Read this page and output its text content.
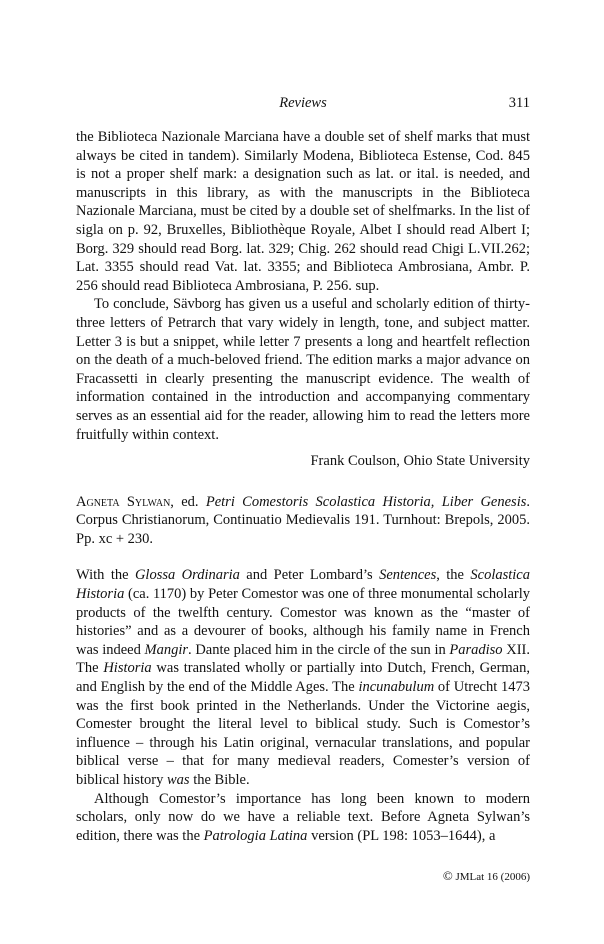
Reviews	311

the Biblioteca Nazionale Marciana have a double set of shelf marks that must always be cited in tandem). Similarly Modena, Biblioteca Estense, Cod. 845 is not a proper shelf mark: a designation such as lat. or ital. is needed, and manuscripts in this library, as with the manuscripts in the Biblioteca Nazionale Marciana, must be cited by a double set of shelfmarks. In the list of sigla on p. 92, Bruxelles, Bibliothèque Royale, Albet I should read Albert I; Borg. 329 should read Borg. lat. 329; Chig. 262 should read Chigi L.VII.262; Lat. 3355 should read Vat. lat. 3355; and Biblioteca Ambrosiana, Ambr. P. 256 should read Biblioteca Ambrosiana, P. 256. sup.

To conclude, Sävborg has given us a useful and scholarly edition of thirty-three letters of Petrarch that vary widely in length, tone, and subject matter. Letter 3 is but a snippet, while letter 7 presents a long and heartfelt reflection on the death of a much-beloved friend. The edition marks a major advance on Fracassetti in clearly presenting the manuscript evidence. The wealth of information contained in the introduction and accompanying commentary serves as an essential aid for the reader, allowing him to read the letters more fruitfully within context.

Frank Coulson, Ohio State University

Agneta Sylwan, ed. Petri Comestoris Scolastica Historia, Liber Genesis. Corpus Christianorum, Continuatio Medievalis 191. Turnhout: Brepols, 2005. Pp. xc + 230.

With the Glossa Ordinaria and Peter Lombard’s Sentences, the Scolastica Historia (ca. 1170) by Peter Comestor was one of three monumental scholarly products of the twelfth century. Comestor was known as the “master of histories” and as a devourer of books, although his family name in French was indeed Mangir. Dante placed him in the circle of the sun in Paradiso XII. The Historia was translated wholly or partially into Dutch, French, German, and English by the end of the Middle Ages. The incunabulum of Utrecht 1473 was the first book printed in the Netherlands. Under the Victorine aegis, Comester brought the literal level to biblical study. Such is Comestor’s influence – through his Latin original, vernacular translations, and popular biblical verse – that for many medieval readers, Comester’s version of biblical history was the Bible.

Although Comestor’s importance has long been known to modern scholars, only now do we have a reliable text. Before Agneta Sylwan’s edition, there was the Patrologia Latina version (PL 198: 1053–1644), a

© JMLat 16 (2006)
